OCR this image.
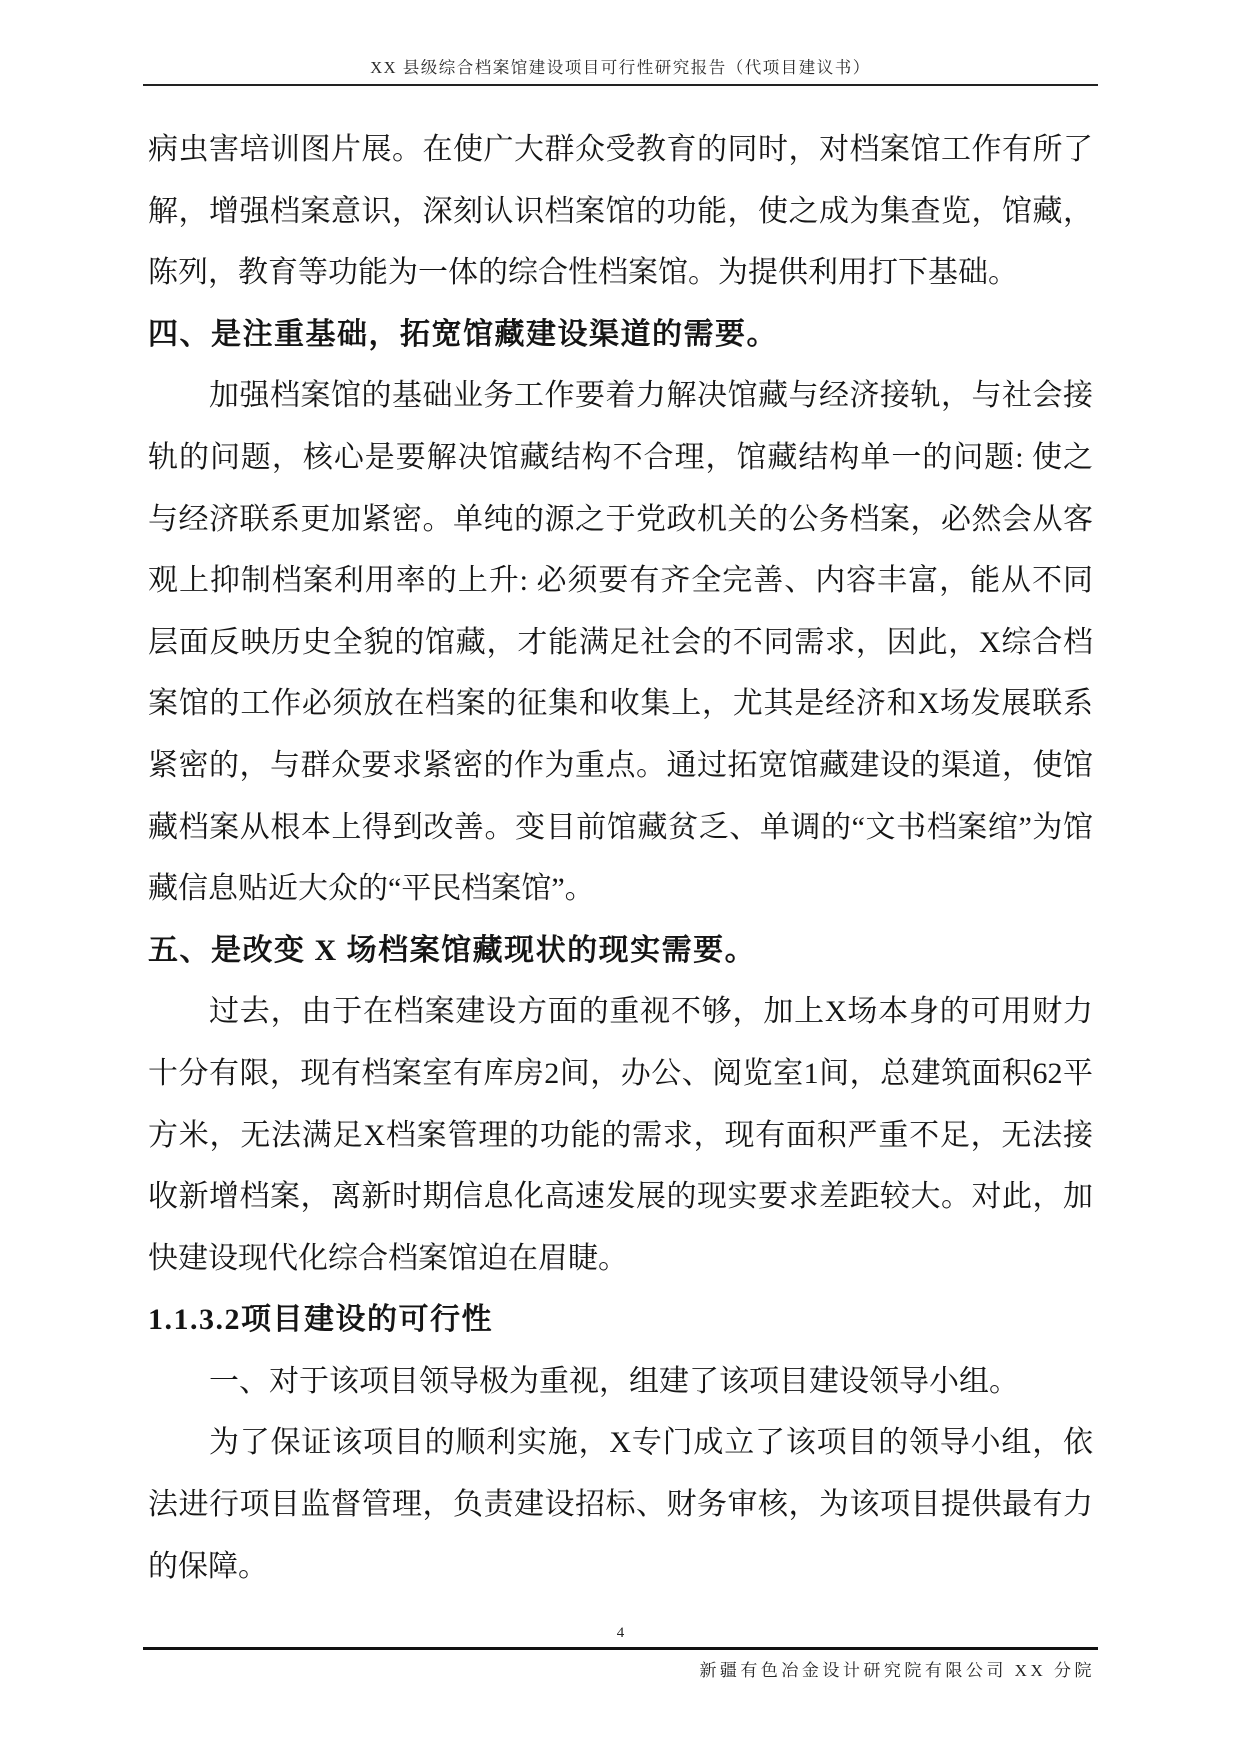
XX 县级综合档案馆建设项目可行性研究报告（代项目建议书）
病虫害培训图片展。在使广大群众受教育的同时，对档案馆工作有所了
解，增强档案意识，深刻认识档案馆的功能，使之成为集查览，馆藏，
陈列，教育等功能为一体的综合性档案馆。为提供利用打下基础。
四、是注重基础，拓宽馆藏建设渠道的需要。
加强档案馆的基础业务工作要着力解决馆藏与经济接轨，与社会接
轨的问题，核心是要解决馆藏结构不合理，馆藏结构单一的问题: 使之
与经济联系更加紧密。单纯的源之于党政机关的公务档案，必然会从客
观上抑制档案利用率的上升: 必须要有齐全完善、内容丰富，能从不同
层面反映历史全貌的馆藏，才能满足社会的不同需求，因此，X综合档
案馆的工作必须放在档案的征集和收集上，尤其是经济和X场发展联系
紧密的，与群众要求紧密的作为重点。通过拓宽馆藏建设的渠道，使馆
藏档案从根本上得到改善。变目前馆藏贫乏、单调的“文书档案绾”为馆
藏信息贴近大众的“平民档案馆”。
五、是改变 X 场档案馆藏现状的现实需要。
过去，由于在档案建设方面的重视不够，加上X场本身的可用财力
十分有限，现有档案室有库房2间，办公、阅览室1间，总建筑面积62平
方米，无法满足X档案管理的功能的需求，现有面积严重不足，无法接
收新增档案，离新时期信息化高速发展的现实要求差距较大。对此，加
快建设现代化综合档案馆迫在眉睫。
1.1.3.2项目建设的可行性
一、对于该项目领导极为重视，组建了该项目建设领导小组。
为了保证该项目的顺利实施，X专门成立了该项目的领导小组，依
法进行项目监督管理，负责建设招标、财务审核，为该项目提供最有力
的保障。
4
新疆有色冶金设计研究院有限公司 XX 分院
